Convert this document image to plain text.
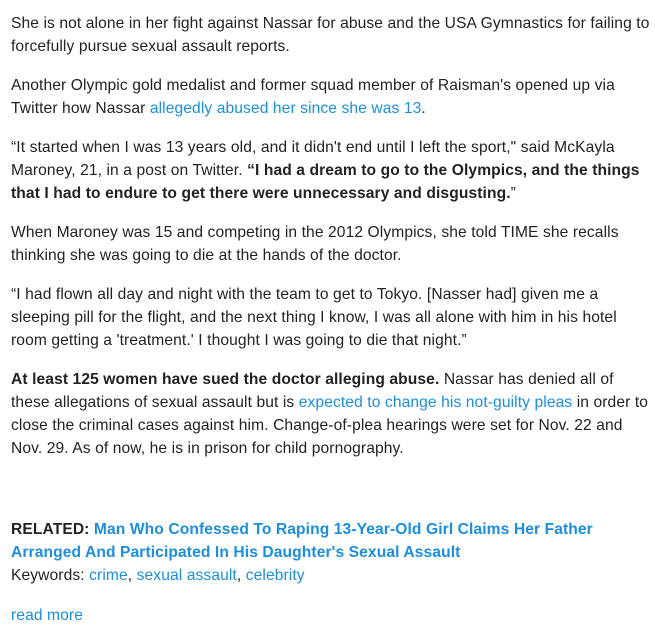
She is not alone in her fight against Nassar for abuse and the USA Gymnastics for failing to forcefully pursue sexual assault reports.

Another Olympic gold medalist and former squad member of Raisman's opened up via Twitter how Nassar allegedly abused her since she was 13.

“It started when I was 13 years old, and it didn't end until I left the sport," said McKayla Maroney, 21, in a post on Twitter. “I had a dream to go to the Olympics, and the things that I had to endure to get there were unnecessary and disgusting.”

When Maroney was 15 and competing in the 2012 Olympics, she told TIME she recalls thinking she was going to die at the hands of the doctor.

“I had flown all day and night with the team to get to Tokyo. [Nasser had] given me a sleeping pill for the flight, and the next thing I know, I was all alone with him in his hotel room getting a 'treatment.' I thought I was going to die that night.”

At least 125 women have sued the doctor alleging abuse. Nassar has denied all of these allegations of sexual assault but is expected to change his not-guilty pleas in order to close the criminal cases against him. Change-of-plea hearings were set for Nov. 22 and Nov. 29. As of now, he is in prison for child pornography.

RELATED: Man Who Confessed To Raping 13-Year-Old Girl Claims Her Father Arranged And Participated In His Daughter's Sexual Assault

Keywords: crime, sexual assault, celebrity

read more
